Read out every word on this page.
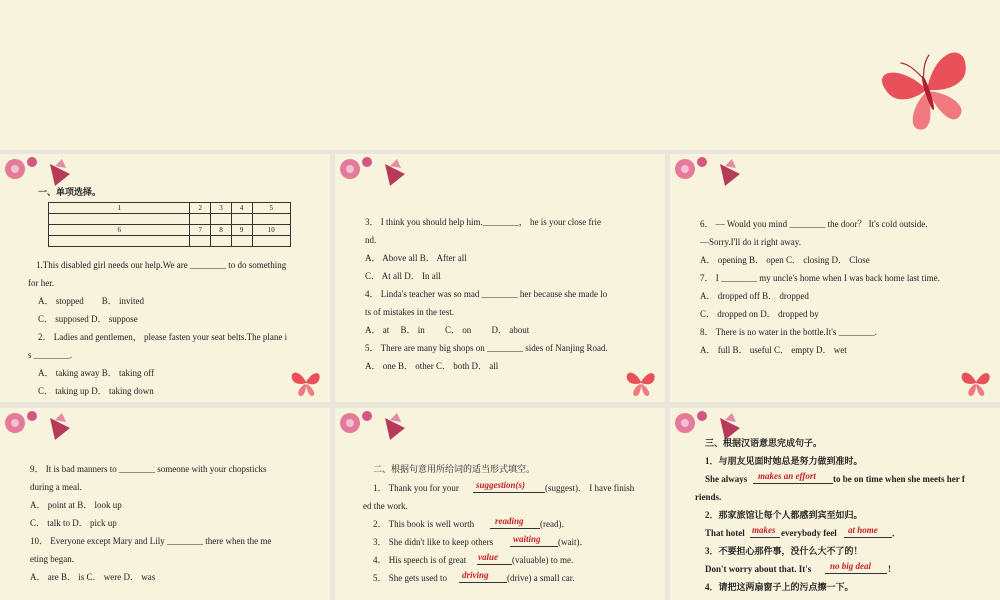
一、单项选择。
1	2	3	4	5

6	7	8	9	10

1.This disabled girl needs our help.We are ________ to do something
for her.
A． stopped　　B． invited
C． supposed D． suppose
2． Ladies and gentlemen， please fasten your seat belts.The plane i
s ________.
A． taking away B． taking off
C． taking up D． taking down
3． I think you should help him.________， he is your close frie
nd.
A． Above all B． After all
C． At all D． In all
4． Linda's teacher was so mad ________ her because she made lo
ts of mistakes in the test.
A． at　 B． in　　 C． on　　 D． about
5． There are many big shops on ________ sides of Nanjing Road.
A． one B． other C． both D． all
6． — Would you mind ________ the door？ It's cold outside.
—Sorry.I'll do it right away.
A． opening B． open C． closing D． Close
7． I ________ my uncle's home when I was back home last time.
A． dropped off B． dropped
C． dropped on D． dropped by
8． There is no water in the bottle.It's ________.
A． full B． useful C． empty D． wet
9． It is bad manners to ________ someone with your chopsticks
during a meal.
A． point at B． look up
C． talk to D． pick up
10． Everyone except Mary and Lily ________ there when the me
eting began.
A． are B． is C． were D． was
二、根据句意用所给词的适当形式填空。
1． Thank you for your suggestion(s) (suggest)． I have finish
ed the work.
2． This book is well worth reading (read)．
3． She didn't like to keep others waiting (wait)．
4． His speech is of great value (valuable) to me.
5． She gets used to driving (drive) a small car.
三、根据汉语意思完成句子。
1．与朋友见面时她总是努力做到准时。
She always makes an effort to be on time when she meets her f
riends.
2．那家旅馆让每个人都感到宾至如归。
That hotel makes everybody feel at home ．
3．不要担心那件事，没什么大不了的！
Don't worry about that. It's no big deal !
4．请把这两扇窗子上的污点擦一下。
